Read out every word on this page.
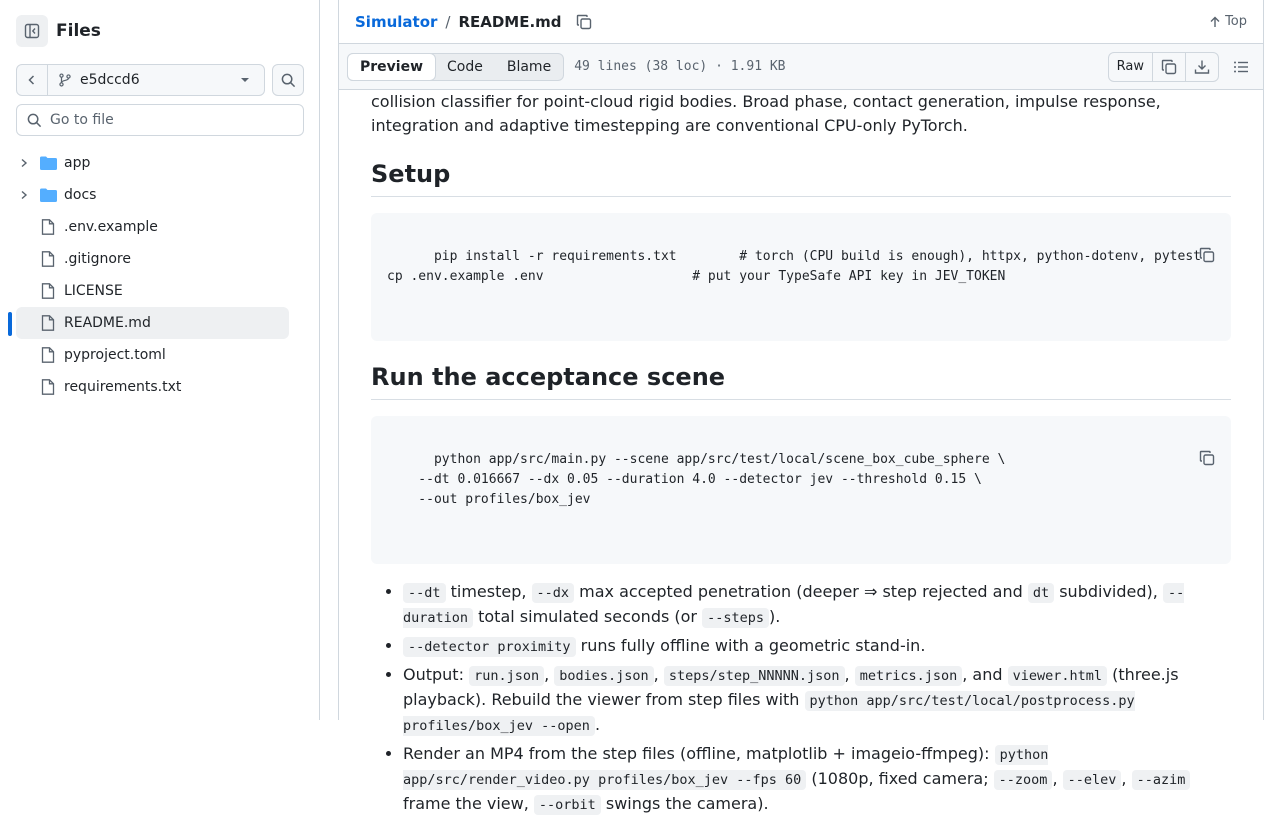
Files
e5dccd6
Go to file
app
docs
.env.example
.gitignore
LICENSE
README.md
pyproject.toml
requirements.txt
Simulator / README.md	Top
Preview	Code	Blame	49 lines (38 loc) · 1.91 KB	Raw

collision classifier for point-cloud rigid bodies. Broad phase, contact generation, impulse response, integration and adaptive timestepping are conventional CPU-only PyTorch.

Setup

pip install -r requirements.txt        # torch (CPU build is enough), httpx, python-dotenv, pytest
cp .env.example .env                   # put your TypeSafe API key in JEV_TOKEN

Run the acceptance scene

python app/src/main.py --scene app/src/test/local/scene_box_cube_sphere \
--dt 0.016667 --dx 0.05 --duration 4.0 --detector jev --threshold 0.15 \
--out profiles/box_jev

• --dt timestep, --dx max accepted penetration (deeper ⇒ step rejected and dt subdivided), --duration total simulated seconds (or --steps ).
• --detector proximity runs fully offline with a geometric stand-in.
• Output: run.json , bodies.json , steps/step_NNNNN.json , metrics.json , and viewer.html (three.js playback). Rebuild the viewer from step files with python app/src/test/local/postprocess.py profiles/box_jev --open .
• Render an MP4 from the step files (offline, matplotlib + imageio-ffmpeg): python app/src/render_video.py profiles/box_jev --fps 60 (1080p, fixed camera; --zoom , --elev , --azim frame the view, --orbit swings the camera).
